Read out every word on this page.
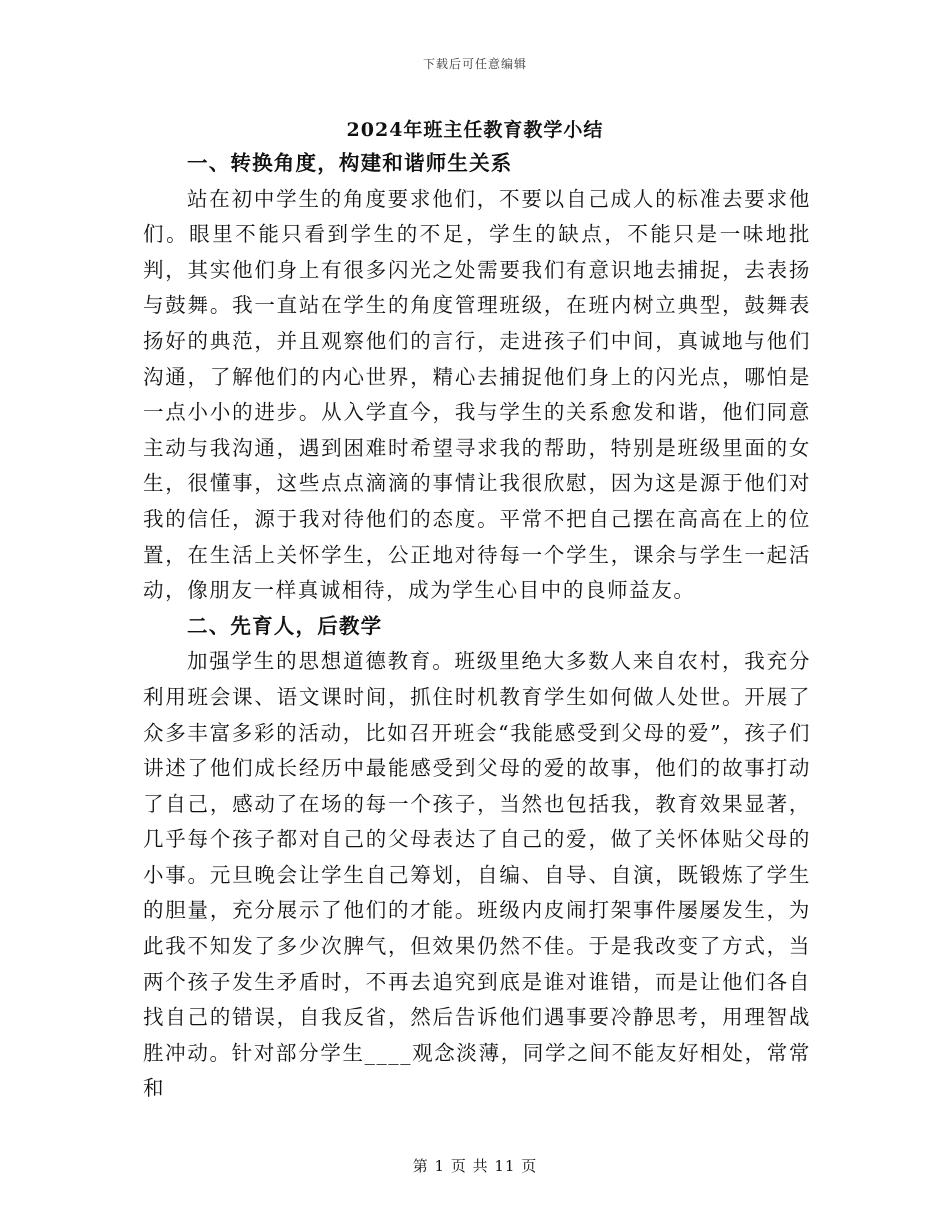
下载后可任意编辑
2024年班主任教育教学小结

一、转换角度，构建和谐师生关系

站在初中学生的角度要求他们，不要以自己成人的标准去要求他们。眼里不能只看到学生的不足，学生的缺点，不能只是一味地批判，其实他们身上有很多闪光之处需要我们有意识地去捕捉，去表扬与鼓舞。我一直站在学生的角度管理班级，在班内树立典型，鼓舞表扬好的典范，并且观察他们的言行，走进孩子们中间，真诚地与他们沟通，了解他们的内心世界，精心去捕捉他们身上的闪光点，哪怕是一点小小的进步。从入学直今，我与学生的关系愈发和谐，他们同意主动与我沟通，遇到困难时希望寻求我的帮助，特别是班级里面的女生，很懂事，这些点点滴滴的事情让我很欣慰，因为这是源于他们对我的信任，源于我对待他们的态度。平常不把自己摆在高高在上的位置，在生活上关怀学生，公正地对待每一个学生，课余与学生一起活动，像朋友一样真诚相待，成为学生心目中的良师益友。

二、先育人，后教学

加强学生的思想道德教育。班级里绝大多数人来自农村，我充分利用班会课、语文课时间，抓住时机教育学生如何做人处世。开展了众多丰富多彩的活动，比如召开班会“我能感受到父母的爱”，孩子们讲述了他们成长经历中最能感受到父母的爱的故事，他们的故事打动了自己，感动了在场的每一个孩子，当然也包括我，教育效果显著，几乎每个孩子都对自己的父母表达了自己的爱，做了关怀体贴父母的小事。元旦晚会让学生自己筹划，自编、自导、自演，既锻炼了学生的胆量，充分展示了他们的才能。班级内皮闹打架事件屡屡发生，为此我不知发了多少次脾气，但效果仍然不佳。于是我改变了方式，当两个孩子发生矛盾时，不再去追究到底是谁对谁错，而是让他们各自找自己的错误，自我反省，然后告诉他们遇事要冷静思考，用理智战胜冲动。针对部分学生____观念淡薄，同学之间不能友好相处，常常和

第 1 页 共 11 页
